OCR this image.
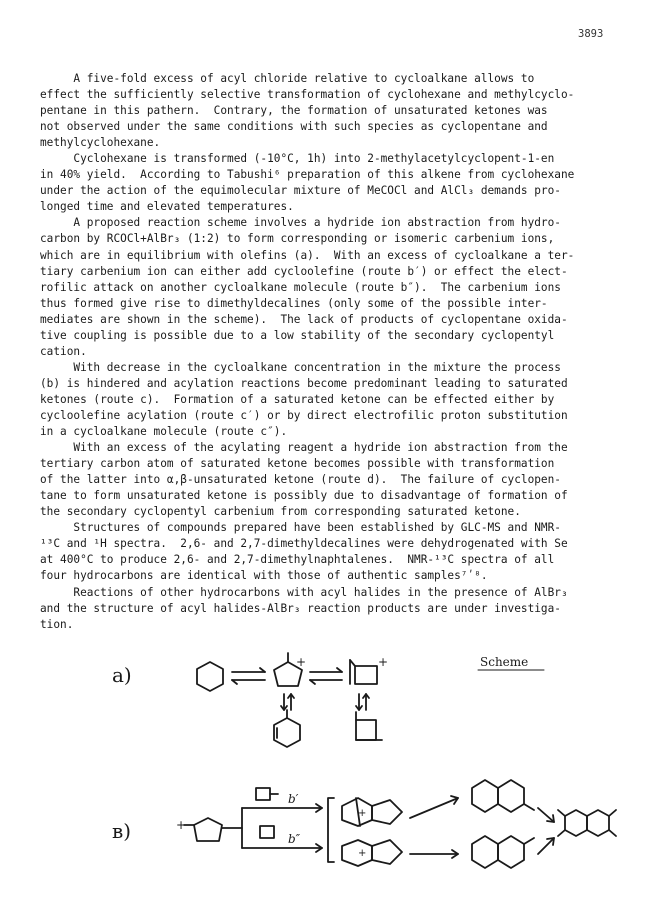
3893
A five-fold excess of acyl chloride relative to cycloalkane allows to
effect the sufficiently selective transformation of cyclohexane and methylcyclo-
pentane in this pathern.  Contrary, the formation of unsaturated ketones was
not observed under the same conditions with such species as cyclopentane and
methylcyclohexane.
Cyclohexane is transformed (-10°C, 1h) into 2-methylacetylcyclopent-1-en
in 40% yield.  According to Tabushi⁶ preparation of this alkene from cyclohexane
under the action of the equimolecular mixture of MeCOCl and AlCl₃ demands pro-
longed time and elevated temperatures.
A proposed reaction scheme involves a hydride ion abstraction from hydro-
carbon by RCOCl+AlBr₃ (1:2) to form corresponding or isomeric carbenium ions,
which are in equilibrium with olefins (a).  With an excess of cycloalkane a ter-
tiary carbenium ion can either add cycloolefine (route b′) or effect the elect-
rofilic attack on another cycloalkane molecule (route b″).  The carbenium ions
thus formed give rise to dimethyldecalines (only some of the possible inter-
mediates are shown in the scheme).  The lack of products of cyclopentane oxida-
tive coupling is possible due to a low stability of the secondary cyclopentyl
cation.
With decrease in the cycloalkane concentration in the mixture the process
(b) is hindered and acylation reactions become predominant leading to saturated
ketones (route c).  Formation of a saturated ketone can be effected either by
cycloolefine acylation (route c′) or by direct electrofilic proton substitution
in a cycloalkane molecule (route c″).
With an excess of the acylating reagent a hydride ion abstraction from the
tertiary carbon atom of saturated ketone becomes possible with transformation
of the latter into α,β-unsaturated ketone (route d).  The failure of cyclopen-
tane to form unsaturated ketone is possibly due to disadvantage of formation of
the secondary cyclopentyl carbenium from corresponding saturated ketone.
Structures of compounds prepared have been established by GLC-MS and NMR-
¹³C and ¹H spectra.  2,6- and 2,7-dimethyldecalines were dehydrogenated with Se
at 400°C to produce 2,6- and 2,7-dimethylnaphtalenes.  NMR-¹³C spectra of all
four hydrocarbons are identical with those of authentic samples⁷ʹ⁸.
Reactions of other hydrocarbons with acyl halides in the presence of AlBr₃
and the structure of acyl halides-AlBr₃ reaction products are under investiga-
tion.
Scheme
a)
в)
b′
b″
+	+
+
+
+
